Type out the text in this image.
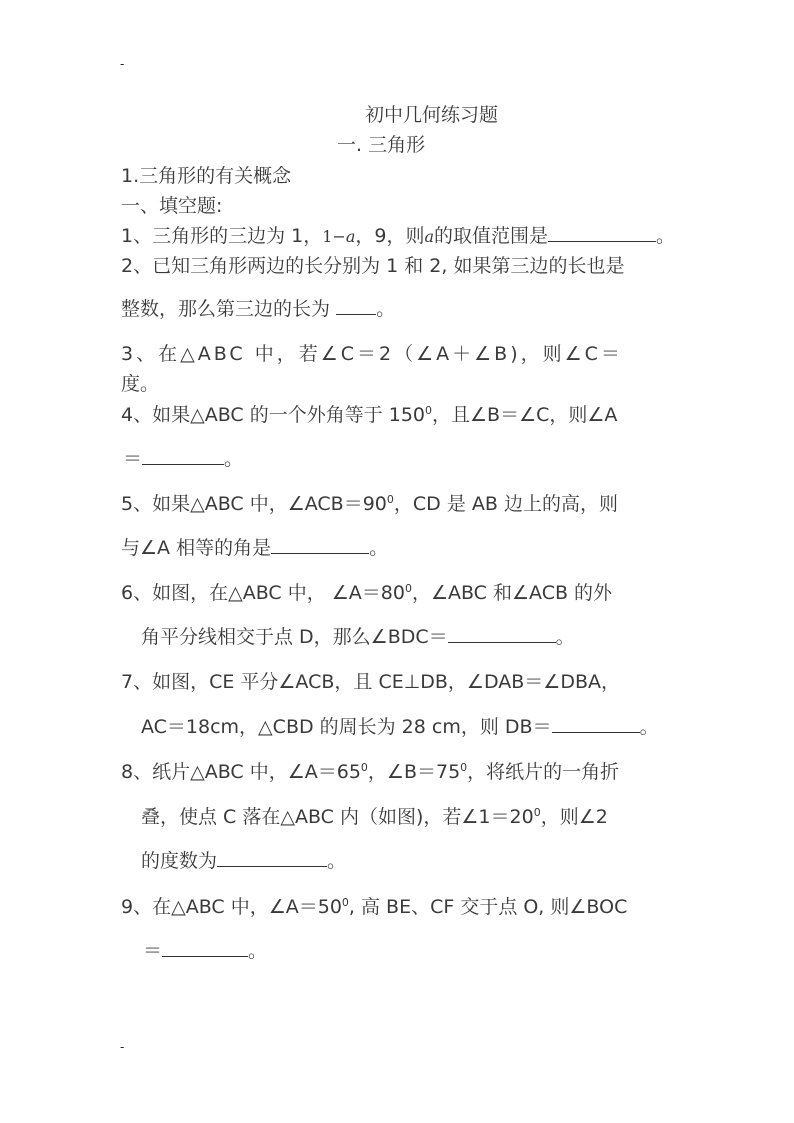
-
初中几何练习题
一. 三角形
1.三角形的有关概念
一、填空题:
1、三角形的三边为 1，1−a，9，则a的取值范围是	。
2、已知三角形两边的长分别为 1 和 2, 如果第三边的长也是
整数，那么第三边的长为 。
3、在△ABC 中，若∠C＝2（∠A＋∠B)，则∠C＝
度。
4、如果△ABC 的一个外角等于 $150^0$，且∠B＝∠C，则∠A
＝	。
5、如果△ABC 中，$\angle ACB=90^0$，CD 是 AB 边上的高，则
与∠A 相等的角是	。
6、如图，在△ABC 中， $\angle A=80^0$，∠ABC 和∠ACB 的外
角平分线相交于点 D，那么∠BDC＝	。
7、如图，CE 平分∠ACB，且 CE⊥DB，∠DAB＝∠DBA，
AC＝18cm，△CBD 的周长为 28 cm，则 DB＝	。
8、纸片△ABC 中，$\angle A=65^0$，$\angle B=75^0$，将纸片的一角折
叠，使点 C 落在△ABC 内（如图)，若$\angle 1=20^0$，则∠2
的度数为	。
9、在△ABC 中，$\angle A=50^0$, 高 BE、CF 交于点 O, 则∠BOC
＝	。
-
